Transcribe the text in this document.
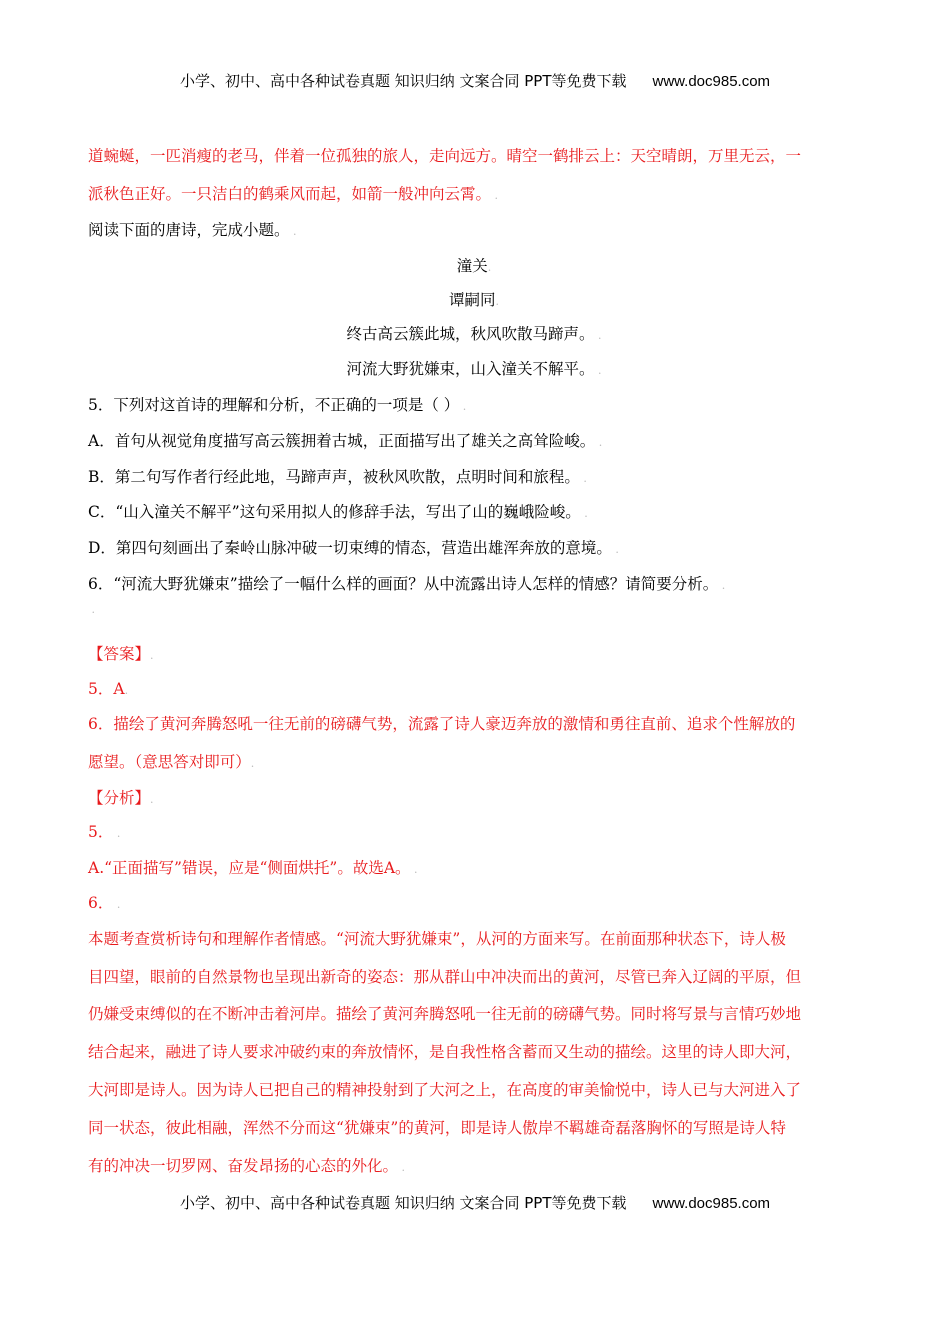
小学、初中、高中各种试卷真题 知识归纳 文案合同 PPT等免费下载 www.doc985.com
道蜿蜒，一匹消瘦的老马，伴着一位孤独的旅人，走向远方。晴空一鹤排云上：天空晴朗，万里无云，一
派秋色正好。一只洁白的鹤乘风而起，如箭一般冲向云霄。 .
阅读下面的唐诗，完成小题。 .
潼关.
谭嗣同.
终古高云簇此城，秋风吹散马蹄声。 .
河流大野犹嫌束，山入潼关不解平。 .
5．下列对这首诗的理解和分析，不正确的一项是（ ） .
A．首句从视觉角度描写高云簇拥着古城，正面描写出了雄关之高耸险峻。 .
B．第二句写作者行经此地，马蹄声声，被秋风吹散，点明时间和旅程。 .
C．“山入潼关不解平”这句采用拟人的修辞手法，写出了山的巍峨险峻。 .
D．第四句刻画出了秦岭山脉冲破一切束缚的情态，营造出雄浑奔放的意境。 .
6．“河流大野犹嫌束”描绘了一幅什么样的画面？从中流露出诗人怎样的情感？请简要分析。 .
.
【答案】.
5．A.
6．描绘了黄河奔腾怒吼一往无前的磅礴气势，流露了诗人豪迈奔放的激情和勇往直前、追求个性解放的
愿望。（意思答对即可）.
【分析】.
5． .
A.“正面描写”错误，应是“侧面烘托”。故选A。 .
6． .
本题考查赏析诗句和理解作者情感。“河流大野犹嫌束”，从河的方面来写。在前面那种状态下，诗人极
目四望，眼前的自然景物也呈现出新奇的姿态：那从群山中冲决而出的黄河，尽管已奔入辽阔的平原，但
仍嫌受束缚似的在不断冲击着河岸。描绘了黄河奔腾怒吼一往无前的磅礴气势。同时将写景与言情巧妙地
结合起来，融进了诗人要求冲破约束的奔放情怀，是自我性格含蓄而又生动的描绘。这里的诗人即大河，
大河即是诗人。因为诗人已把自己的精神投射到了大河之上，在高度的审美愉悦中，诗人已与大河进入了
同一状态，彼此相融，浑然不分而这“犹嫌束”的黄河，即是诗人傲岸不羁雄奇磊落胸怀的写照是诗人特
有的冲决一切罗网、奋发昂扬的心态的外化。 .
小学、初中、高中各种试卷真题 知识归纳 文案合同 PPT等免费下载 www.doc985.com
